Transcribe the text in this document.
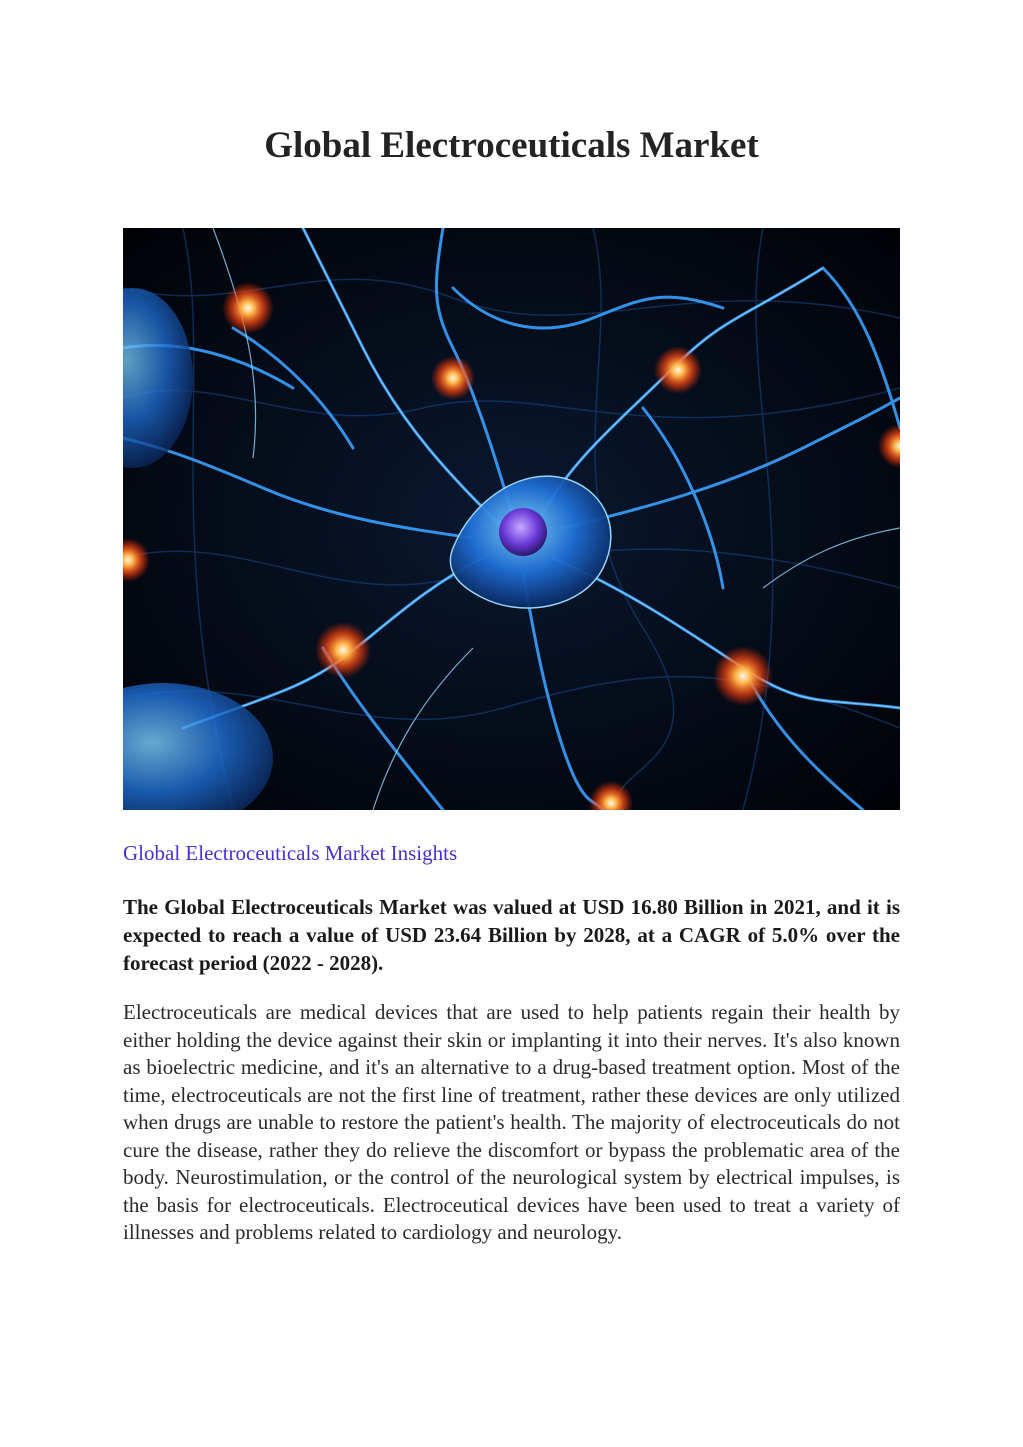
Global Electroceuticals Market
Global Electroceuticals Market Insights

The Global Electroceuticals Market was valued at USD 16.80 Billion in 2021, and it is expected to reach a value of USD 23.64 Billion by 2028, at a CAGR of 5.0% over the forecast period (2022 - 2028).

Electroceuticals are medical devices that are used to help patients regain their health by either holding the device against their skin or implanting it into their nerves. It's also known as bioelectric medicine, and it's an alternative to a drug-based treatment option. Most of the time, electroceuticals are not the first line of treatment, rather these devices are only utilized when drugs are unable to restore the patient's health. The majority of electroceuticals do not cure the disease, rather they do relieve the discomfort or bypass the problematic area of the body. Neurostimulation, or the control of the neurological system by electrical impulses, is the basis for electroceuticals. Electroceutical devices have been used to treat a variety of illnesses and problems related to cardiology and neurology.
